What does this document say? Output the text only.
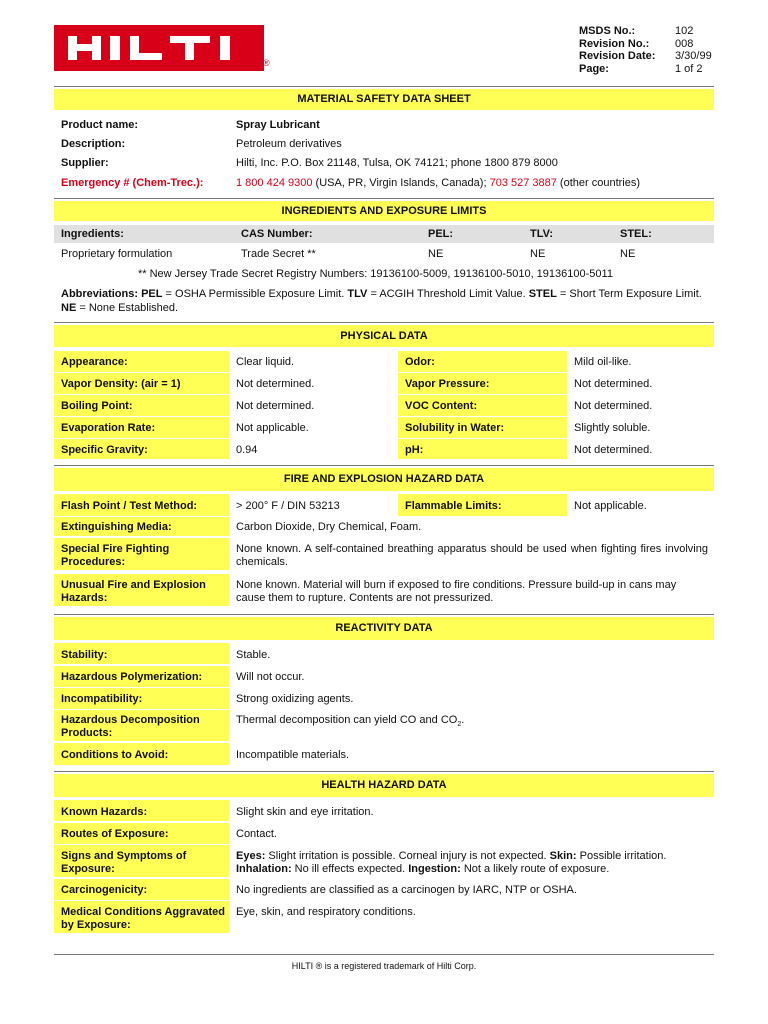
®
MSDS No.:	102
Revision No.:	008
Revision Date:	3/30/99
Page:	1 of 2
MATERIAL SAFETY DATA SHEET
Product name:	Spray Lubricant
Description:	Petroleum derivatives
Supplier:	Hilti, Inc. P.O. Box 21148, Tulsa, OK 74121; phone 1800 879 8000
Emergency # (Chem-Trec.):	1 800 424 9300 (USA, PR, Virgin Islands, Canada); 703 527 3887 (other countries)
INGREDIENTS AND EXPOSURE LIMITS
Ingredients:	CAS Number:	PEL:	TLV:	STEL:
Proprietary formulation	Trade Secret **	NE	NE	NE
** New Jersey Trade Secret Registry Numbers: 19136100-5009, 19136100-5010, 19136100-5011
Abbreviations: PEL = OSHA Permissible Exposure Limit. TLV = ACGIH Threshold Limit Value. STEL = Short Term Exposure Limit. NE = None Established.
PHYSICAL DATA
Appearance:	Clear liquid.	Odor:	Mild oil-like.
Vapor Density: (air = 1)	Not determined.	Vapor Pressure:	Not determined.
Boiling Point:	Not determined.	VOC Content:	Not determined.
Evaporation Rate:	Not applicable.	Solubility in Water:	Slightly soluble.
Specific Gravity:	0.94	pH:	Not determined.
FIRE AND EXPLOSION HAZARD DATA
Flash Point / Test Method:	> 200° F / DIN 53213	Flammable Limits:	Not applicable.
Extinguishing Media:	Carbon Dioxide, Dry Chemical, Foam.
Special Fire Fighting Procedures:
None known. A self-contained breathing apparatus should be used when fighting fires involving chemicals.
Unusual Fire and Explosion Hazards:
None known. Material will burn if exposed to fire conditions. Pressure build-up in cans may cause them to rupture. Contents are not pressurized.
REACTIVITY DATA
Stability:	Stable.
Hazardous Polymerization:	Will not occur.
Incompatibility:	Strong oxidizing agents.
Hazardous Decomposition Products:
Thermal decomposition can yield CO and $CO_2$.
Conditions to Avoid:	Incompatible materials.
HEALTH HAZARD DATA
Known Hazards:	Slight skin and eye irritation.
Routes of Exposure:	Contact.
Signs and Symptoms of Exposure:
Eyes: Slight irritation is possible. Corneal injury is not expected. Skin: Possible irritation.
Inhalation: No ill effects expected. Ingestion: Not a likely route of exposure.
Carcinogenicity:	No ingredients are classified as a carcinogen by IARC, NTP or OSHA.
Medical Conditions Aggravated by Exposure:
Eye, skin, and respiratory conditions.
HILTI ® is a registered trademark of Hilti Corp.
